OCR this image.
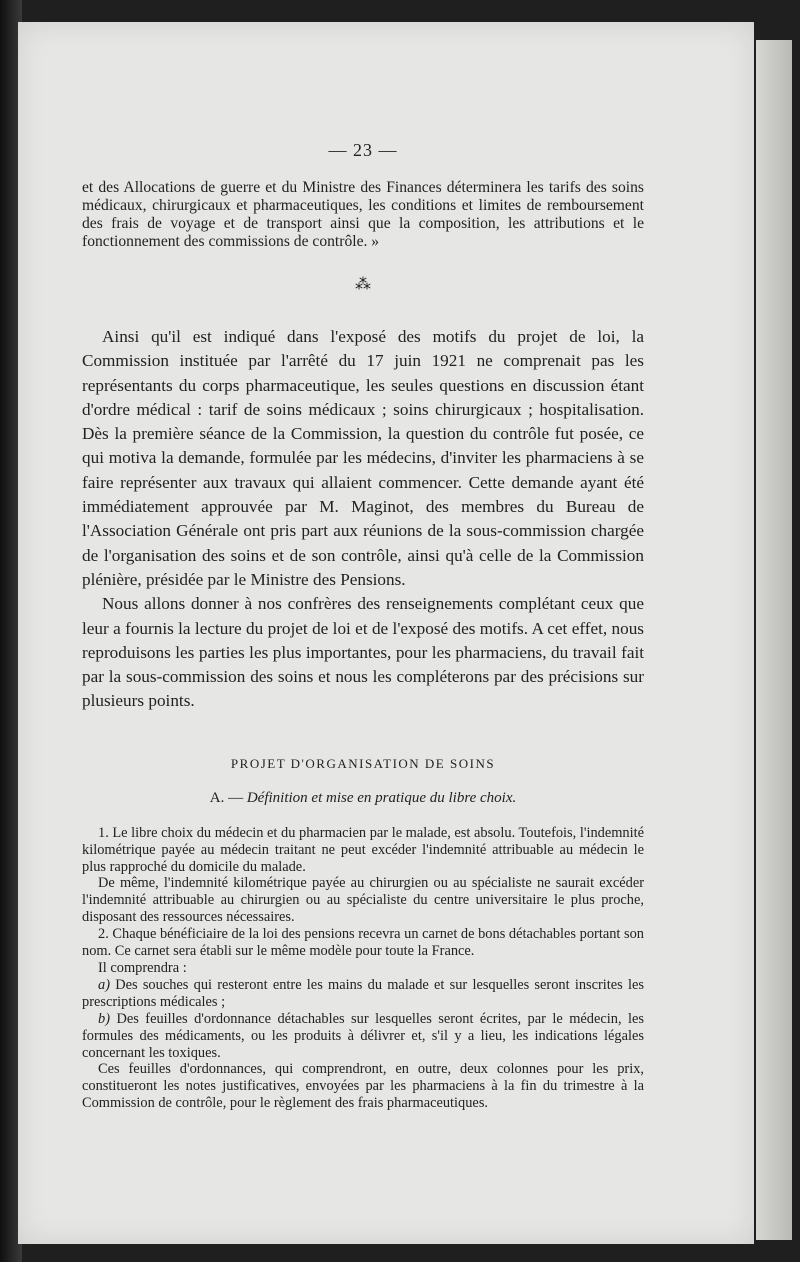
— 23 —

et des Allocations de guerre et du Ministre des Finances déterminera les tarifs des soins médicaux, chirurgicaux et pharmaceutiques, les conditions et limites de remboursement des frais de voyage et de transport ainsi que la composition, les attributions et le fonctionnement des commissions de contrôle. »

⁂

Ainsi qu'il est indiqué dans l'exposé des motifs du projet de loi, la Commission instituée par l'arrêté du 17 juin 1921 ne comprenait pas les représentants du corps pharmaceutique, les seules questions en discussion étant d'ordre médical : tarif de soins médicaux ; soins chirurgicaux ; hospitalisation. Dès la première séance de la Commission, la question du contrôle fut posée, ce qui motiva la demande, formulée par les médecins, d'inviter les pharmaciens à se faire représenter aux travaux qui allaient commencer. Cette demande ayant été immédiatement approuvée par M. Maginot, des membres du Bureau de l'Association Générale ont pris part aux réunions de la sous-commission chargée de l'organisation des soins et de son contrôle, ainsi qu'à celle de la Commission plénière, présidée par le Ministre des Pensions.

Nous allons donner à nos confrères des renseignements complétant ceux que leur a fournis la lecture du projet de loi et de l'exposé des motifs. A cet effet, nous reproduisons les parties les plus importantes, pour les pharmaciens, du travail fait par la sous-commission des soins et nous les compléterons par des précisions sur plusieurs points.

PROJET D'ORGANISATION DE SOINS
A. — Définition et mise en pratique du libre choix.

1. Le libre choix du médecin et du pharmacien par le malade, est absolu. Toutefois, l'indemnité kilométrique payée au médecin traitant ne peut excéder l'indemnité attribuable au médecin le plus rapproché du domicile du malade.

De même, l'indemnité kilométrique payée au chirurgien ou au spécialiste ne saurait excéder l'indemnité attribuable au chirurgien ou au spécialiste du centre universitaire le plus proche, disposant des ressources nécessaires.

2. Chaque bénéficiaire de la loi des pensions recevra un carnet de bons détachables portant son nom. Ce carnet sera établi sur le même modèle pour toute la France.

Il comprendra :

a) Des souches qui resteront entre les mains du malade et sur lesquelles seront inscrites les prescriptions médicales ;

b) Des feuilles d'ordonnance détachables sur lesquelles seront écrites, par le médecin, les formules des médicaments, ou les produits à délivrer et, s'il y a lieu, les indications légales concernant les toxiques.

Ces feuilles d'ordonnances, qui comprendront, en outre, deux colonnes pour les prix, constitueront les notes justificatives, envoyées par les pharmaciens à la fin du trimestre à la Commission de contrôle, pour le règlement des frais pharmaceutiques.
